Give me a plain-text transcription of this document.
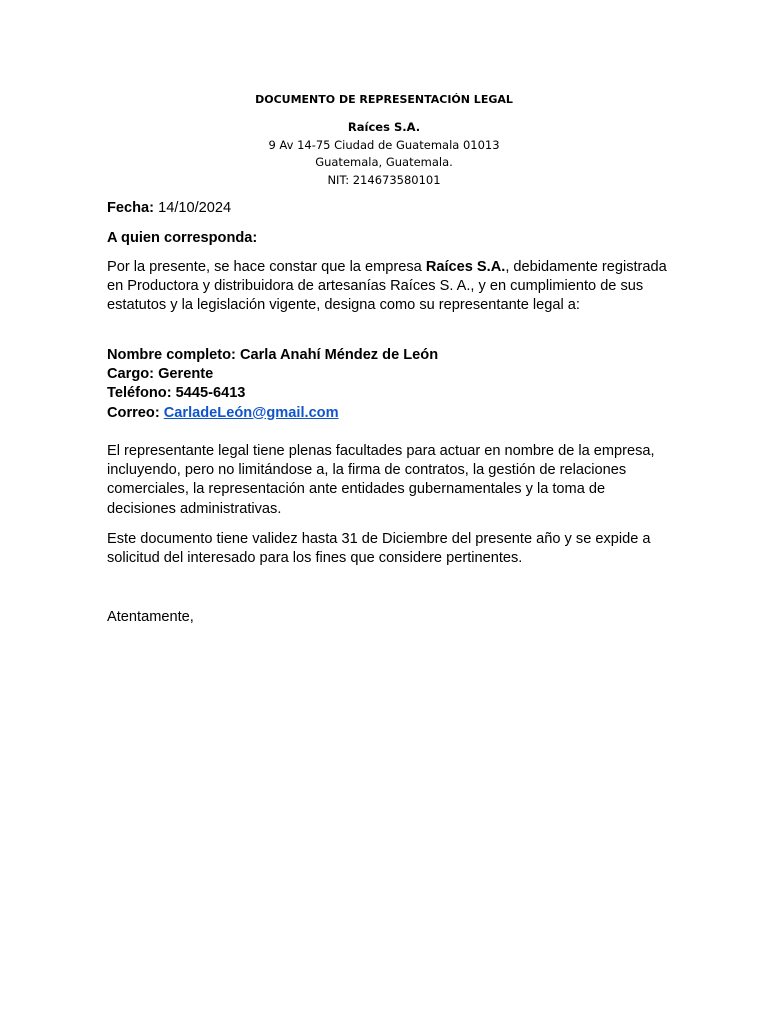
DOCUMENTO DE REPRESENTACIÓN LEGAL
Raíces S.A.
9 Av 14-75 Ciudad de Guatemala 01013
Guatemala, Guatemala.
NIT: 214673580101
Fecha: 14/10/2024
A quien corresponda:
Por la presente, se hace constar que la empresa Raíces S.A., debidamente registrada en Productora y distribuidora de artesanías Raíces S. A., y en cumplimiento de sus estatutos y la legislación vigente, designa como su representante legal a:
Nombre completo: Carla Anahí Méndez de León
Cargo: Gerente
Teléfono: 5445-6413
Correo: CarladeLeón@gmail.com
El representante legal tiene plenas facultades para actuar en nombre de la empresa, incluyendo, pero no limitándose a, la firma de contratos, la gestión de relaciones comerciales, la representación ante entidades gubernamentales y la toma de decisiones administrativas.
Este documento tiene validez hasta 31 de Diciembre del presente año y se expide a solicitud del interesado para los fines que considere pertinentes.
Atentamente,
